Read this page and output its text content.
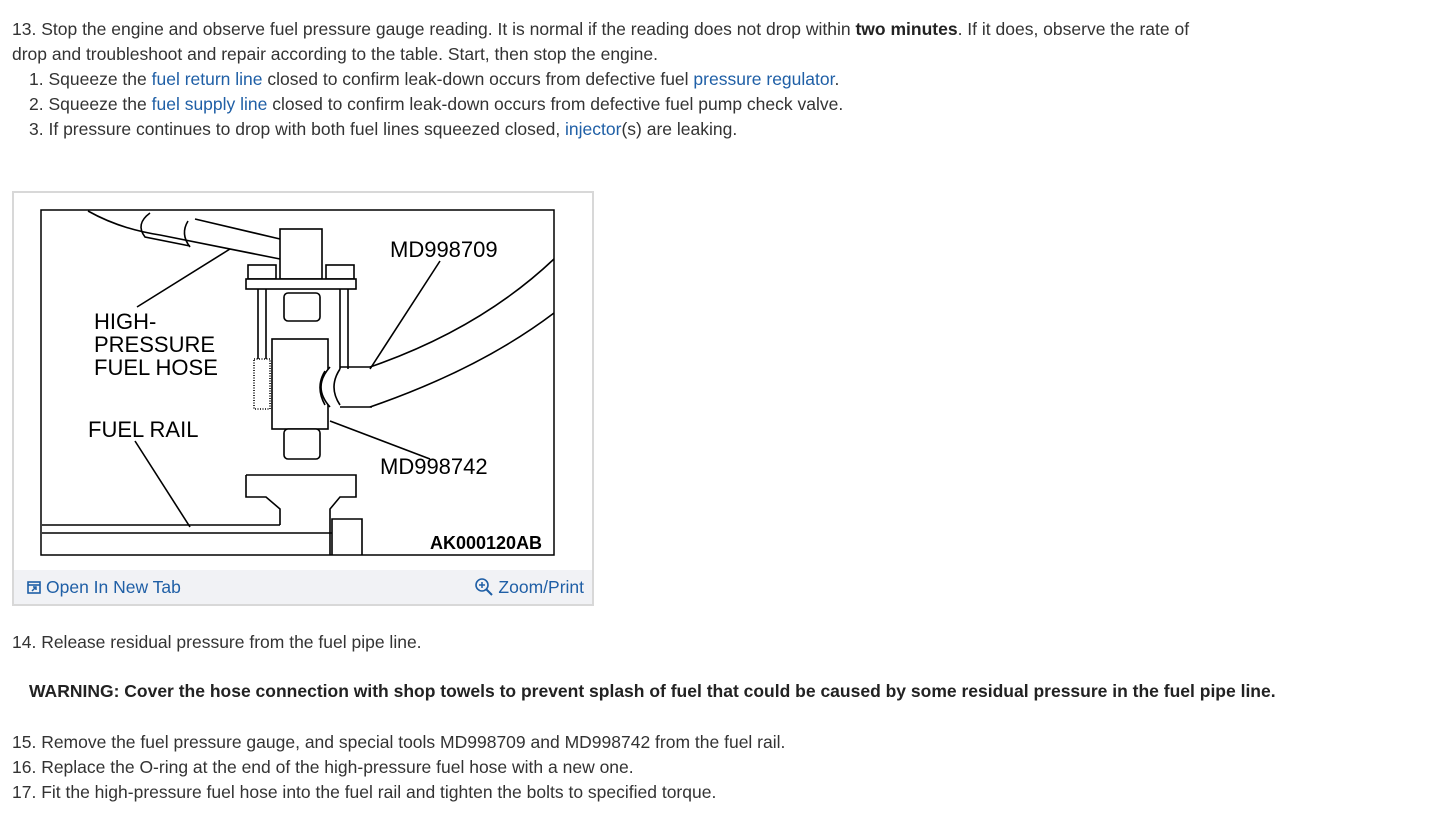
13. Stop the engine and observe fuel pressure gauge reading. It is normal if the reading does not drop within two minutes. If it does, observe the rate of
drop and troubleshoot and repair according to the table. Start, then stop the engine.
1. Squeeze the fuel return line closed to confirm leak-down occurs from defective fuel pressure regulator.
2. Squeeze the fuel supply line closed to confirm leak-down occurs from defective fuel pump check valve.
3. If pressure continues to drop with both fuel lines squeezed closed, injector(s) are leaking.
HIGH-
PRESSURE
FUEL HOSE
FUEL RAIL
MD998709
MD998742
AK000120AB
Open In New Tab	Zoom/Print
14. Release residual pressure from the fuel pipe line.
WARNING: Cover the hose connection with shop towels to prevent splash of fuel that could be caused by some residual pressure in the fuel pipe line.
15. Remove the fuel pressure gauge, and special tools MD998709 and MD998742 from the fuel rail.
16. Replace the O-ring at the end of the high-pressure fuel hose with a new one.
17. Fit the high-pressure fuel hose into the fuel rail and tighten the bolts to specified torque.
